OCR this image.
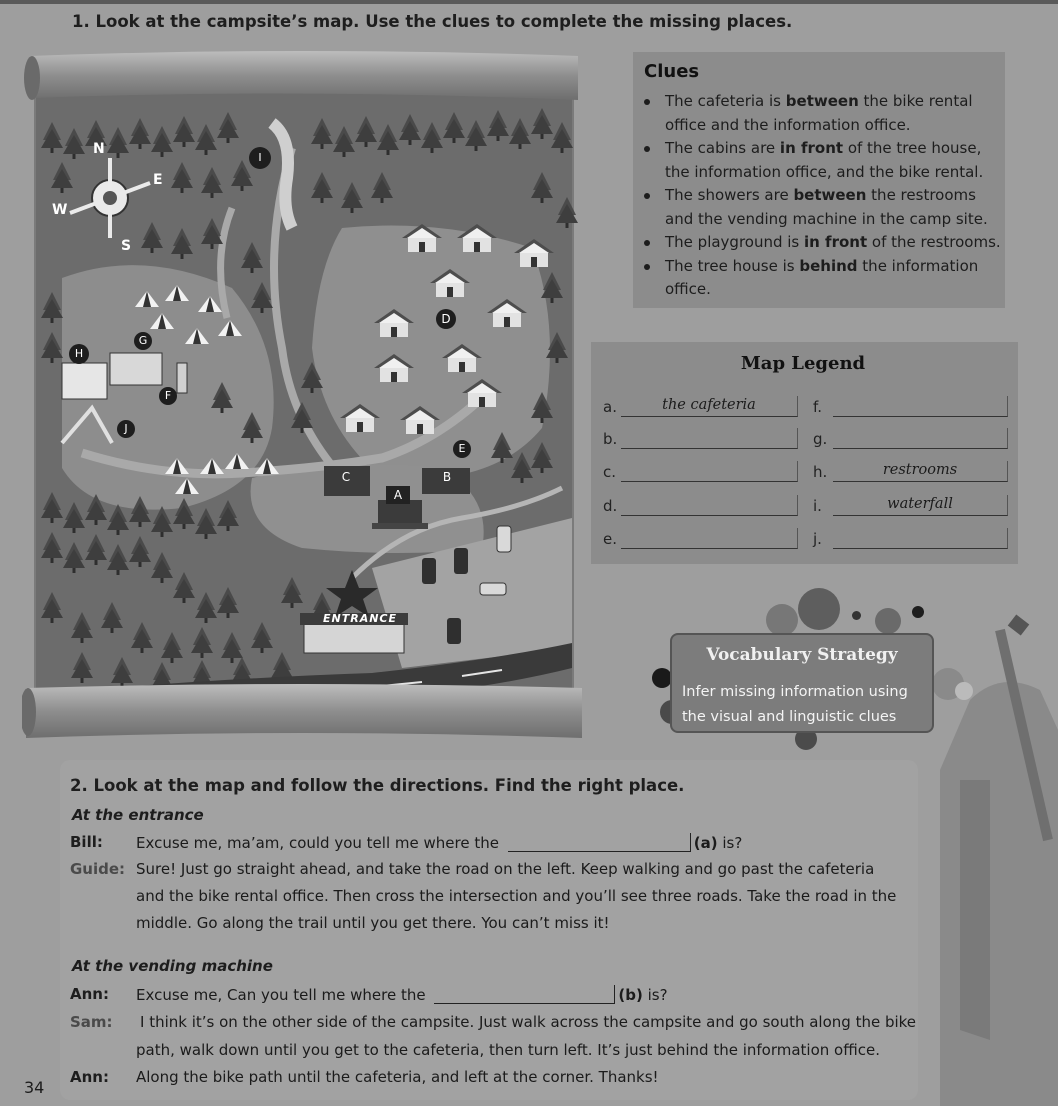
1. Look at the campsite’s map. Use the clues to complete the missing places.
N
W
E
S
A
B
C
D
E
F
G
H
I
J
ENTRANCE
Clues
The cafeteria is between the bike rental office and the information office.
The cabins are in front of the tree house, the information office, and the bike rental.
The showers are between the restrooms and the vending machine in the camp site.
The playground is in front of the restrooms.
The tree house is behind the information office.
Map Legend
a.	the cafeteria
b.
c.
d.
e.
f.
g.
h.	restrooms
i.	waterfall
j.
Vocabulary Strategy

Infer missing information using the visual and linguistic clues

2. Look at the map and follow the directions. Find the right place.
At the entrance
Bill: Excuse me, ma’am, could you tell me where the	(a) is?
Guide: Sure! Just go straight ahead, and take the road on the left. Keep walking and go past the cafeteria
and the bike rental office. Then cross the intersection and you’ll see three roads. Take the road in the
middle. Go along the trail until you get there. You can’t miss it!
At the vending machine
Ann: Excuse me, Can you tell me where the	(b) is?
Sam: I think it’s on the other side of the campsite. Just walk across the campsite and go south along the bike
path, walk down until you get to the cafeteria, then turn left. It’s just behind the information office.
Ann: Along the bike path until the cafeteria, and left at the corner. Thanks!
34
